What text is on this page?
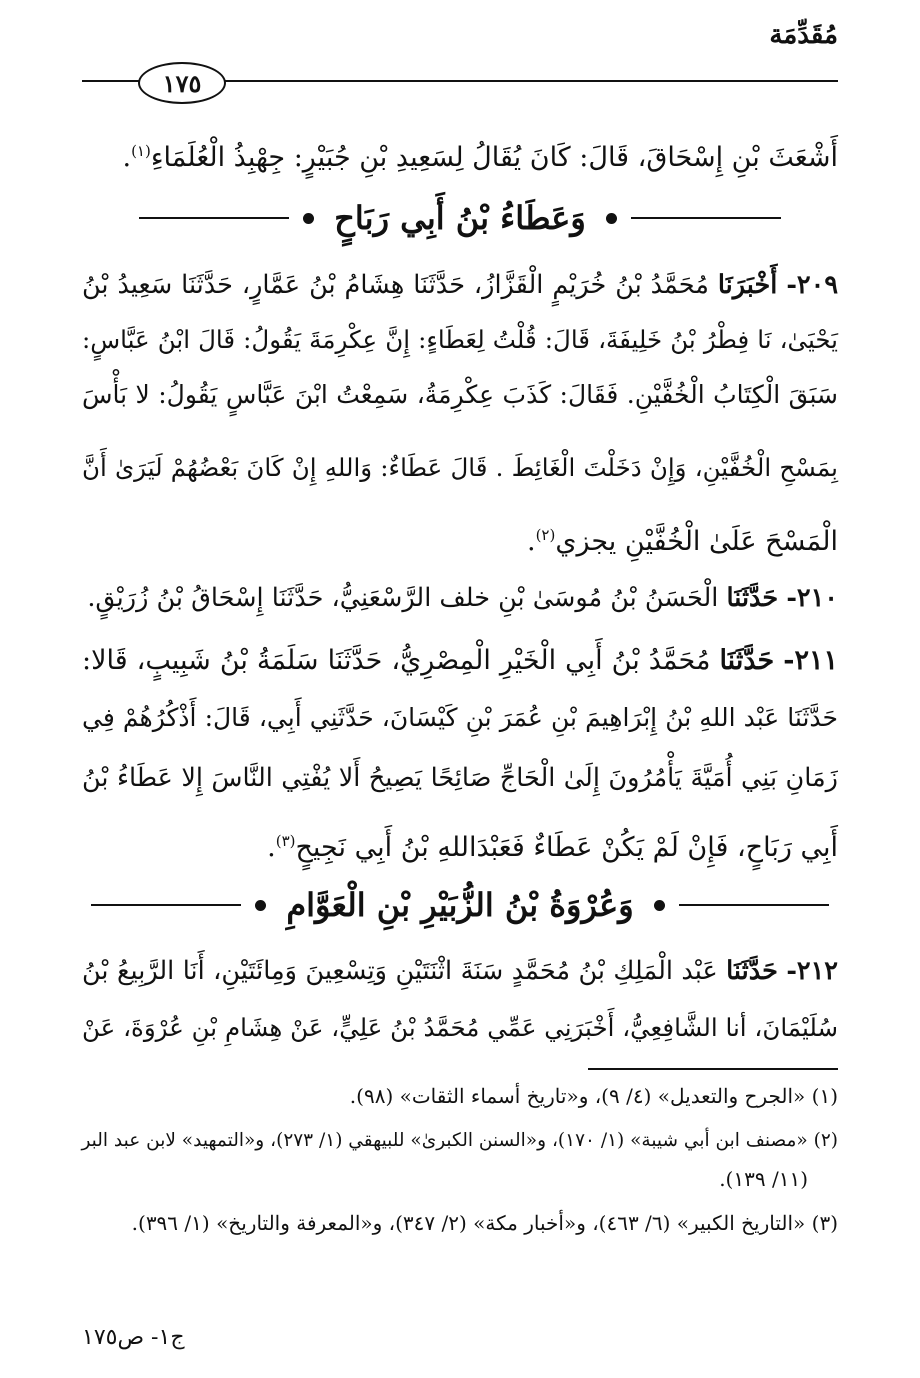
مُقَدِّمَة
١٧٥
أَشْعَثَ بْنِ إِسْحَاقَ، قَالَ: كَانَ يُقَالُ لِسَعِيدِ بْنِ جُبَيْرٍ: جِهْبِذُ الْعُلَمَاءِ$^{(١)}$.
وَعَطَاءُ بْنُ أَبِي رَبَاحٍ
٢٠٩- أَخْبَرَنَا مُحَمَّدُ بْنُ خُرَيْمٍ الْقَزَّازُ، حَدَّثَنَا هِشَامُ بْنُ عَمَّارٍ، حَدَّثَنَا سَعِيدُ بْنُ
يَحْيَىٰ، نَا فِطْرُ بْنُ خَلِيفَةَ، قَالَ: قُلْتُ لِعَطَاءٍ: إِنَّ عِكْرِمَةَ يَقُولُ: قَالَ ابْنُ عَبَّاسٍ:
سَبَقَ الْكِتَابُ الْخُفَّيْنِ. فَقَالَ: كَذَبَ عِكْرِمَةُ، سَمِعْتُ ابْنَ عَبَّاسٍ يَقُولُ: لا بَأْسَ
بِمَسْحِ الْخُفَّيْنِ، وَإِنْ دَخَلْتَ الْغَائِطَ . قَالَ عَطَاءٌ: وَاللهِ إِنْ كَانَ بَعْضُهُمْ لَيَرَىٰ أَنَّ
الْمَسْحَ عَلَىٰ الْخُفَّيْنِ يجزي$^{(٢)}$.
٢١٠- حَدَّثَنَا الْحَسَنُ بْنُ مُوسَىٰ بْنِ خلف الرَّسْعَنِيُّ، حَدَّثَنَا إِسْحَاقُ بْنُ زُرَيْقٍ.
٢١١- حَدَّثَنَا مُحَمَّدُ بْنُ أَبِي الْخَيْرِ الْمِصْرِيُّ، حَدَّثَنَا سَلَمَةُ بْنُ شَبِيبٍ، قَالا:
حَدَّثَنَا عَبْد اللهِ بْنُ إِبْرَاهِيمَ بْنِ عُمَرَ بْنِ كَيْسَانَ، حَدَّثَنِي أَبِي، قَالَ: أَذْكُرُهُمْ فِي
زَمَانِ بَنِي أُمَيَّةَ يَأْمُرُونَ إِلَىٰ الْحَاجِّ صَائِحًا يَصِيحُ أَلا يُفْتِي النَّاسَ إِلا عَطَاءُ بْنُ
أَبِي رَبَاحٍ، فَإِنْ لَمْ يَكُنْ عَطَاءٌ فَعَبْدَاللهِ بْنُ أَبِي نَجِيحٍ$^{(٣)}$.
وَعُرْوَةُ بْنُ الزُّبَيْرِ بْنِ الْعَوَّامِ
٢١٢- حَدَّثَنَا عَبْد الْمَلِكِ بْنُ مُحَمَّدٍ سَنَةَ اثْنَتَيْنِ وَتِسْعِينَ وَمِائَتَيْنِ، أَنَا الرَّبِيعُ بْنُ
سُلَيْمَانَ، أنا الشَّافِعِيُّ، أَخْبَرَنِي عَمِّي مُحَمَّدُ بْنُ عَلِيٍّ، عَنْ هِشَامِ بْنِ عُرْوَةَ، عَنْ
(١) «الجرح والتعديل» (٤/ ٩)، و«تاريخ أسماء الثقات» (٩٨).
(٢) «مصنف ابن أبي شيبة» (١/ ١٧٠)، و«السنن الكبرىٰ» للبيهقي (١/ ٢٧٣)، و«التمهيد» لابن عبد البر
(١١/ ١٣٩).
(٣) «التاريخ الكبير» (٦/ ٤٦٣)، و«أخبار مكة» (٢/ ٣٤٧)، و«المعرفة والتاريخ» (١/ ٣٩٦).
ج١- ص١٧٥
